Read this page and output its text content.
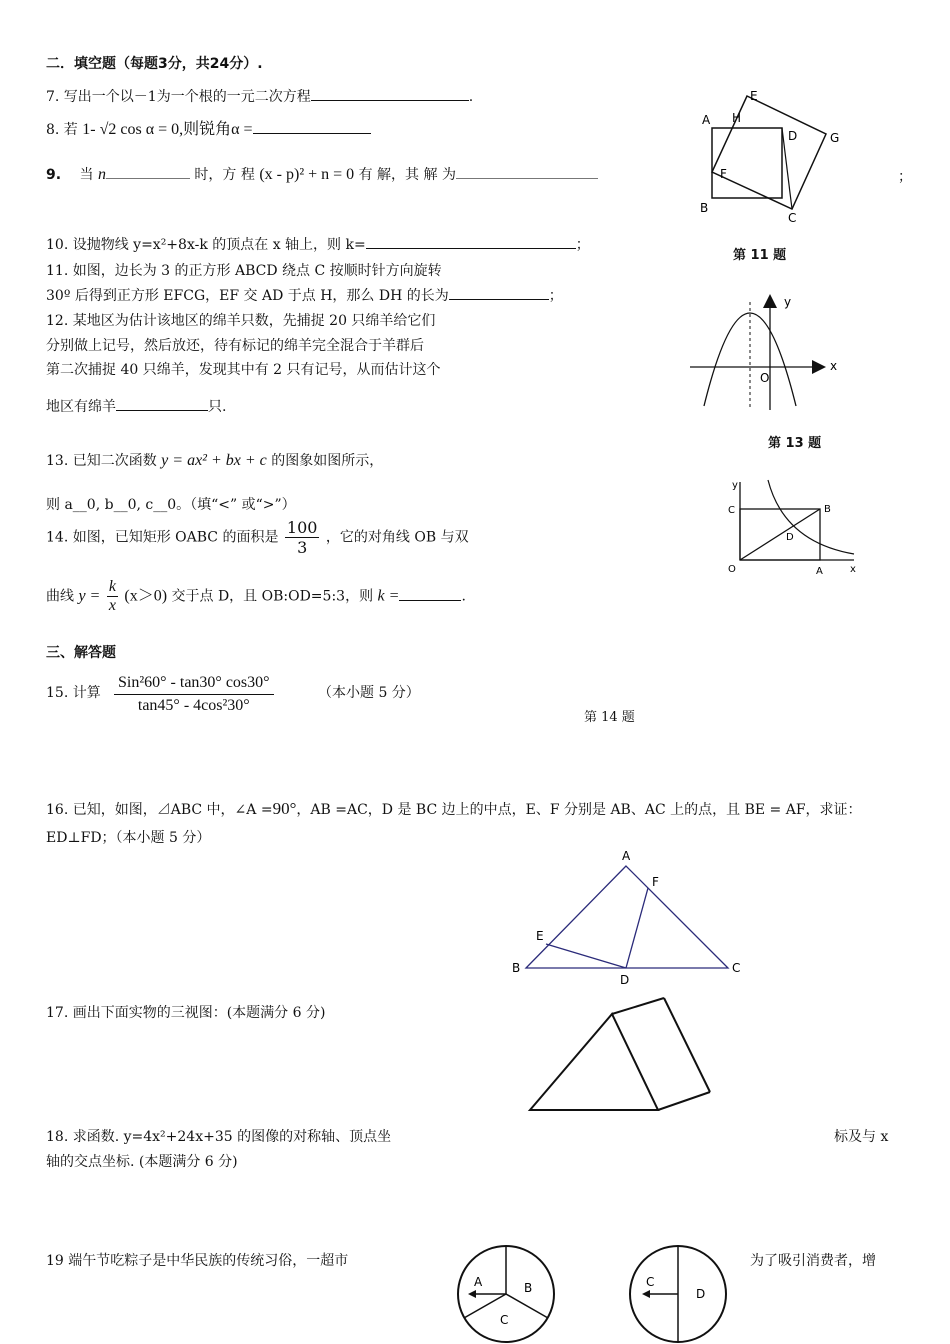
二．填空题（每题3分，共24分）.
7. 写出一个以－1为一个根的一元二次方程	.
8. 若 1- √2 cos α = 0,则锐角α =
9. 当 n	时，方 程 (x - p)² + n = 0 有 解，其 解 为	；
10. 设抛物线 y=x²+8x-k 的顶点在 x 轴上，则 k=	；
11. 如图，边长为 3 的正方形 ABCD 绕点 C 按顺时针方向旋转
30º 后得到正方形 EFCG，EF 交 AD 于点 H，那么 DH 的长为	；
12. 某地区为估计该地区的绵羊只数，先捕捉 20 只绵羊给它们
分别做上记号，然后放还，待有标记的绵羊完全混合于羊群后
第二次捕捉 40 只绵羊，发现其中有 2 只有记号，从而估计这个
地区有绵羊	只.
13. 已知二次函数 y = ax² + bx + c 的图象如图所示，
则 a__0, b__0, c__0。（填“<” 或“>”）
14. 如图，已知矩形 OABC 的面积是 $\frac{100}{3}$ ，它的对角线 OB 与双
曲线 $y = \frac{k}{x} (x>0)$ 交于点 D，且 OB:OD=5:3，则 k =	.
三、解答题
15. 计算 $\frac{\text{Sin²60° - tan30° cos30°}}{\text{tan45° - 4cos²30°}}$	（本小题 5 分）
16. 已知，如图，⊿ABC 中，∠A =90°，AB =AC，D 是 BC 边上的中点，E、F 分别是 AB、AC 上的点，且 BE = AF，求证：
ED⊥FD；（本小题 5 分）
17. 画出下面实物的三视图：(本题满分 6 分)
18. 求函数. y=4x²+24x+35 的图像的对称轴、顶点坐	标及与 x
轴的交点坐标. (本题满分 6 分)
19 端午节吃粽子是中华民族的传统习俗，一超市	为了吸引消费者，增
A H
E
D	G
F
B
C
第 11 题
y
x
O
第 13 题
y
C	B
D
O	A	x
第 14 题
A
F
E
B
D
C
A	B
C
C
D
